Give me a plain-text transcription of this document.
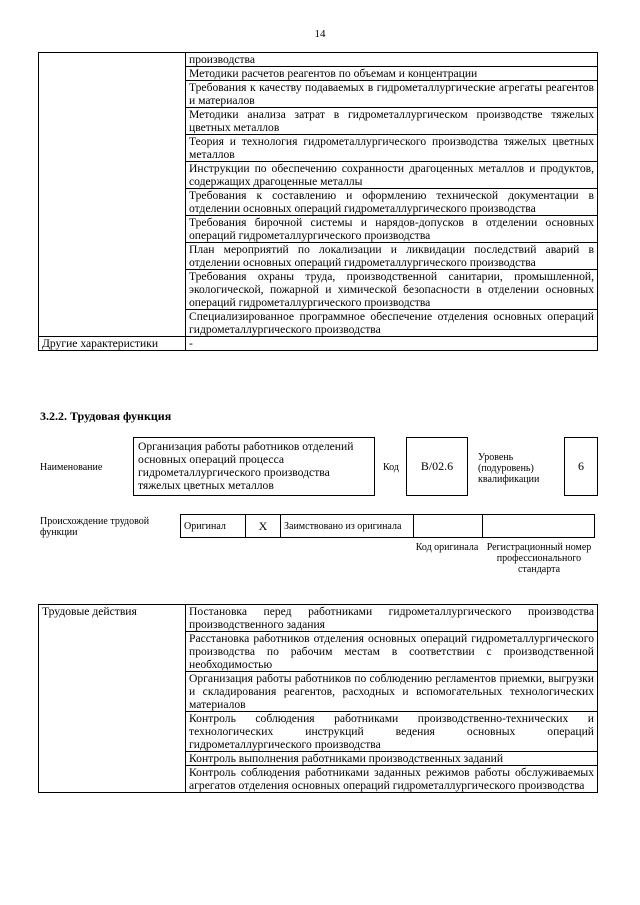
14
	производства
	Методики расчетов реагентов по объемам и концентрации
	Требования к качеству подаваемых в гидрометаллургические агрегаты реагентов и материалов
	Методики анализа затрат в гидрометаллургическом производстве тяжелых цветных металлов
	Теория и технология гидрометаллургического производства тяжелых цветных металлов
	Инструкции по обеспечению сохранности драгоценных металлов и продуктов, содержащих драгоценные металлы
	Требования к составлению и оформлению технической документации в отделении основных операций гидрометаллургического производства
	Требования бирочной системы и нарядов-допусков в отделении основных операций гидрометаллургического производства
	План мероприятий по локализации и ликвидации последствий аварий в отделении основных операций гидрометаллургического производства
	Требования охраны труда, производственной санитарии, промышленной, экологической, пожарной и химической безопасности в отделении основных операций гидрометаллургического производства
	Специализированное программное обеспечение отделения основных операций гидрометаллургического производства
Другие характеристики	-
3.2.2. Трудовая функция
Наименование
Организация работы работников отделений основных операций процесса гидрометаллургического производства тяжелых цветных металлов
Код	В/02.6
Уровень (подуровень) квалификации
6
Происхождение трудовой функции
Оригинал	X	Заимствовано из оригинала		
Код оригинала Регистрационный номер профессионального стандарта
Трудовые действия	Постановка перед работниками гидрометаллургического производства производственного задания
Расстановка работников отделения основных операций гидрометаллургического производства по рабочим местам в соответствии с производственной необходимостью
Организация работы работников по соблюдению регламентов приемки, выгрузки и складирования реагентов, расходных и вспомогательных технологических материалов
Контроль соблюдения работниками производственно-технических и технологических инструкций ведения основных операций гидрометаллургического производства
Контроль выполнения работниками производственных заданий
Контроль соблюдения работниками заданных режимов работы обслуживаемых агрегатов отделения основных операций гидрометаллургического производства
